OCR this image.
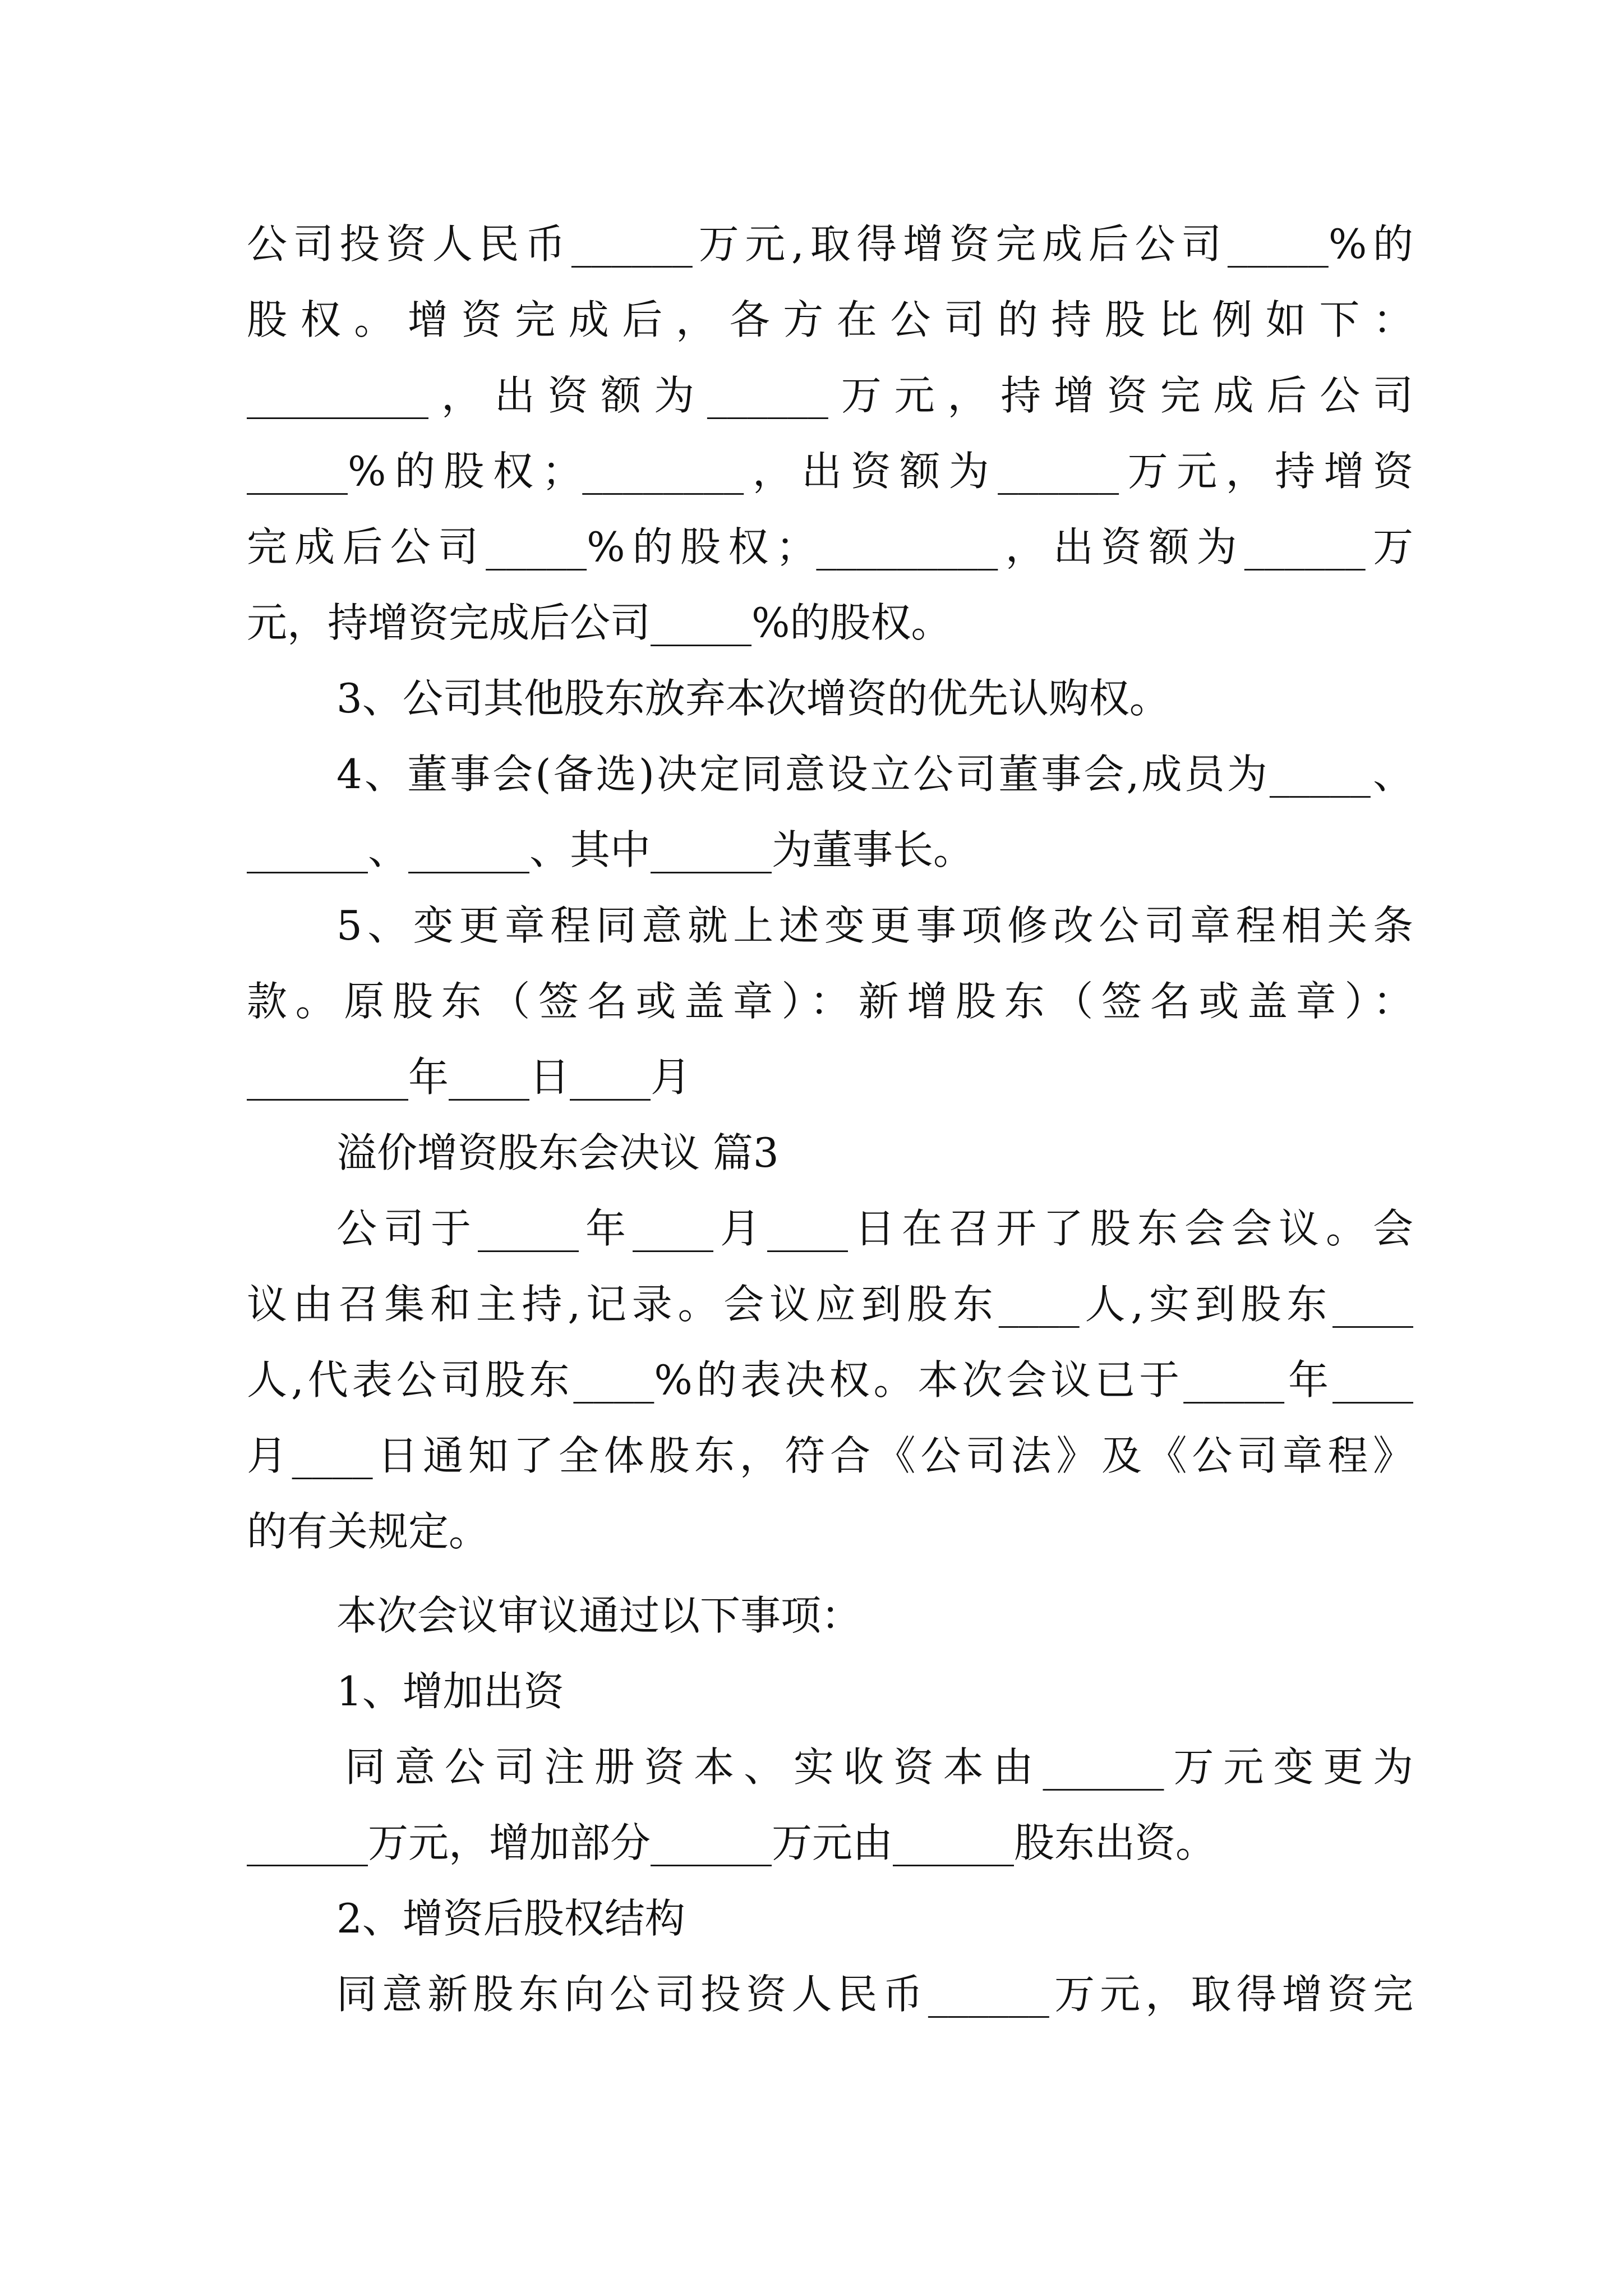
公司投资人民币______万元,取得增资完成后公司_____%的
股权。增资完成后，各方在公司的持股比例如下：
_________，出资额为______万元，持增资完成后公司
_____%的股权；________，出资额为______万元，持增资
完成后公司_____%的股权；_________，出资额为______万
元，持增资完成后公司_____%的股权。
3、公司其他股东放弃本次增资的优先认购权。
4、董事会(备选)决定同意设立公司董事会,成员为_____、
______、______、其中______为董事长。
5、变更章程同意就上述变更事项修改公司章程相关条
款。原股东（签名或盖章）：新增股东（签名或盖章）：
________年____日____月
溢价增资股东会决议 篇3
公司于_____年____月____日在召开了股东会会议。会
议由召集和主持,记录。会议应到股东____人,实到股东____
人,代表公司股东____%的表决权。本次会议已于_____年____
月____日通知了全体股东，符合《公司法》及《公司章程》
的有关规定。
本次会议审议通过以下事项：
1、增加出资
同意公司注册资本、实收资本由______万元变更为
______万元，增加部分______万元由______股东出资。
2、增资后股权结构
同意新股东向公司投资人民币______万元，取得增资完
